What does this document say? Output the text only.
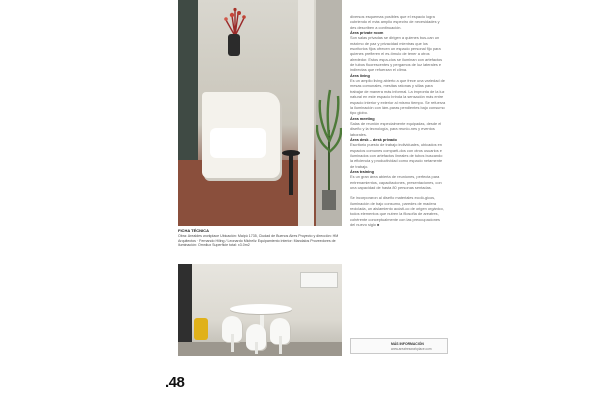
FICHA TÉCNICA
Obra: Arealdes workplace Ubicación: Maipú 1735, Ciudad de Buenos Aires Proyecto y dirección: HM Arquitectos · Fernando Hiling / Leonardo Micheliz Equipamiento interior: Mandalos Proveedores de iluminación: Omnilux Superficie total: x3.0m2

diversos esquemas posibles que el espacio logra cubriendo el más amplio espectro de necesidades y des describen a continuación.

Área private room

Son salas privadas se dirigen a quienes bus-can un máximo de paz y privacidad mientras que los escritorios fijos ofrecen un espacio personal fijo para quienes prefieren el es-tímulo de tener a otros alrededor. Estos espa-cios se iluminan con artefactos de tubos fluorescentes y pergamos de luz laterales e indirectas que refuerzan el clima.

Área living

Es un amplio living abierto a que frece una variedad de mesas comunales, mesitas ratonas y sillas para trabajar de manera más informal. La impronta de la luz natural en este espacio brinda la sensación más entre espacio interior y exterior al mismo tiempo. Se refuerza la iluminación con lám-paras pendientes bajo consumo tipo globo.

Área meeting

Salas de reunión especialmente equipadas, desde el diseño y la tecnología, para reunio-nes y eventos laborales.

Área desk – desk privado

Escritorio puesto de trabajo individuales, ubicados en espacios comunes comparti-dos con otros usuarios e iluminados con artefactos lineales de tubos buscando la eficiencia y productividad como espacio netamente de trabajo.

Área training

Es un gran área abierta de reuniones, perfecta para entrenamientos, capacitaciones, presentaciones, con una capacidad de hasta 80 personas sentadas.

Se incorporaron al diseño materiales ecoló-gicos, iluminación de bajo consumo, paredes de madera reciclada, un aislamiento acústi-co de origen orgánico, todos elementos que nutren la filosofía de areatres, cohérente conceptualmente con las preocupaciones del nuevo siglo ■

MÁS INFORMACIÓN
www.areatresworkplace.com
.48
